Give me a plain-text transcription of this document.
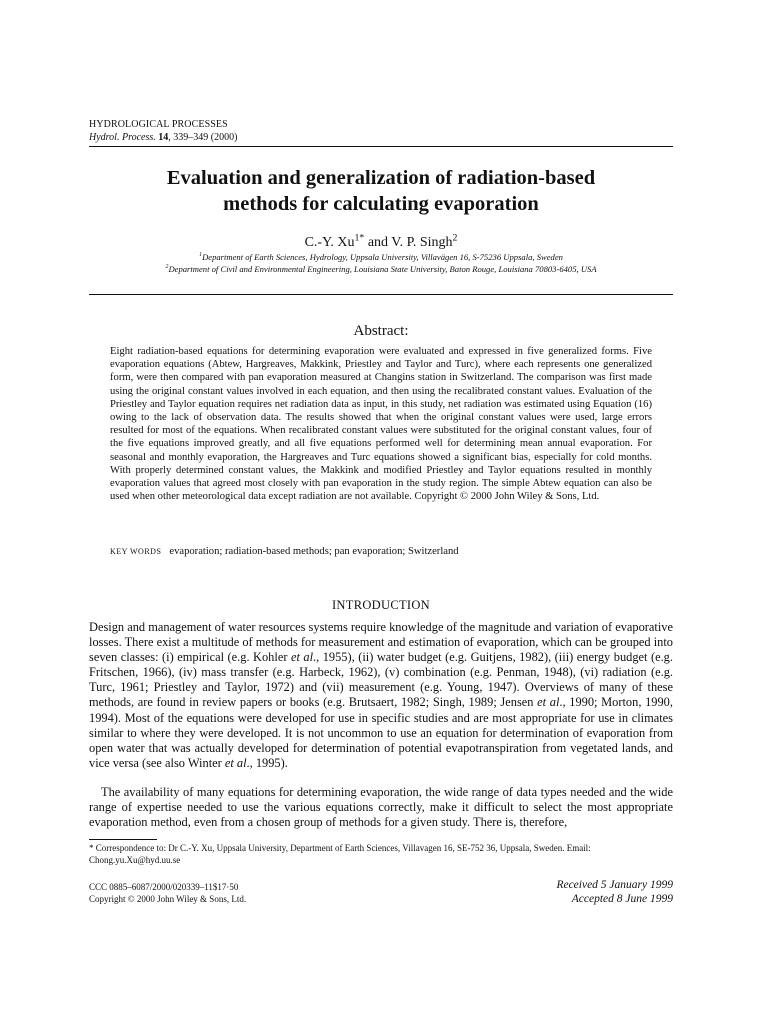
HYDROLOGICAL PROCESSES
Hydrol. Process. 14, 339–349 (2000)
Evaluation and generalization of radiation-based
methods for calculating evaporation
C.-Y. $Xu^{1*}$ and V. P. Singh$^2$
$^1$Department of Earth Sciences, Hydrology, Uppsala University, Villavägen 16, S-75236 Uppsala, Sweden
$^2$Department of Civil and Environmental Engineering, Louisiana State University, Baton Rouge, Louisiana 70803-6405, USA
Abstract:

Eight radiation-based equations for determining evaporation were evaluated and expressed in five generalized forms. Five evaporation equations (Abtew, Hargreaves, Makkink, Priestley and Taylor and Turc), where each represents one generalized form, were then compared with pan evaporation measured at Changins station in Switzerland. The comparison was first made using the original constant values involved in each equation, and then using the recalibrated constant values. Evaluation of the Priestley and Taylor equation requires net radiation data as input, in this study, net radiation was estimated using Equation (16) owing to the lack of observation data. The results showed that when the original constant values were used, large errors resulted for most of the equations. When recalibrated constant values were substituted for the original constant values, four of the five equations improved greatly, and all five equations performed well for determining mean annual evaporation. For seasonal and monthly evaporation, the Hargreaves and Turc equations showed a significant bias, especially for cold months. With properly determined constant values, the Makkink and modified Priestley and Taylor equations resulted in monthly evaporation values that agreed most closely with pan evaporation in the study region. The simple Abtew equation can also be used when other meteorological data except radiation are not available. Copyright © 2000 John Wiley & Sons, Ltd.

KEY WORDS evaporation; radiation-based methods; pan evaporation; Switzerland
INTRODUCTION

Design and management of water resources systems require knowledge of the magnitude and variation of evaporative losses. There exist a multitude of methods for measurement and estimation of evaporation, which can be grouped into seven classes: (i) empirical (e.g. Kohler et al., 1955), (ii) water budget (e.g. Guitjens, 1982), (iii) energy budget (e.g. Fritschen, 1966), (iv) mass transfer (e.g. Harbeck, 1962), (v) combination (e.g. Penman, 1948), (vi) radiation (e.g. Turc, 1961; Priestley and Taylor, 1972) and (vii) measurement (e.g. Young, 1947). Overviews of many of these methods, are found in review papers or books (e.g. Brutsaert, 1982; Singh, 1989; Jensen et al., 1990; Morton, 1990, 1994). Most of the equations were developed for use in specific studies and are most appropriate for use in climates similar to where they were developed. It is not uncommon to use an equation for determination of evaporation from open water that was actually developed for determination of potential evapotranspiration from vegetated lands, and vice versa (see also Winter et al., 1995).

The availability of many equations for determining evaporation, the wide range of data types needed and the wide range of expertise needed to use the various equations correctly, make it difficult to select the most appropriate evaporation method, even from a chosen group of methods for a given study. There is, therefore,

* Correspondence to: Dr C.-Y. Xu, Uppsala University, Department of Earth Sciences, Villavagen 16, SE-752 36, Uppsala, Sweden. Email: Chong.yu.Xu@hyd.uu.se
CCC 0885–6087/2000/020339–11$17·50
Copyright © 2000 John Wiley & Sons, Ltd.
Received 5 January 1999
Accepted 8 June 1999
